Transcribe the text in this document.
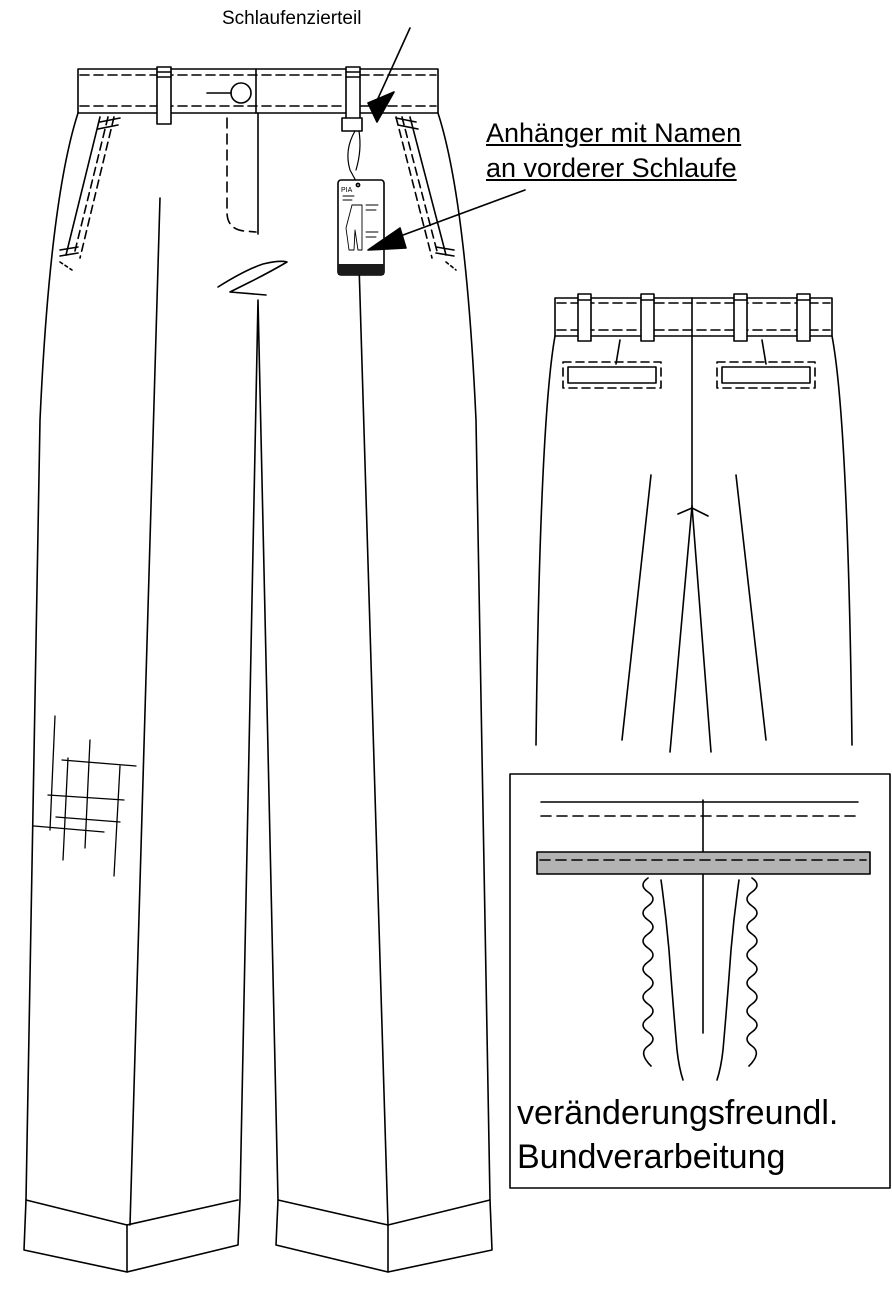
PIA
Schlaufenzierteil
Anhänger mit Namen
an vorderer Schlaufe
veränderungsfreundl.
Bundverarbeitung
